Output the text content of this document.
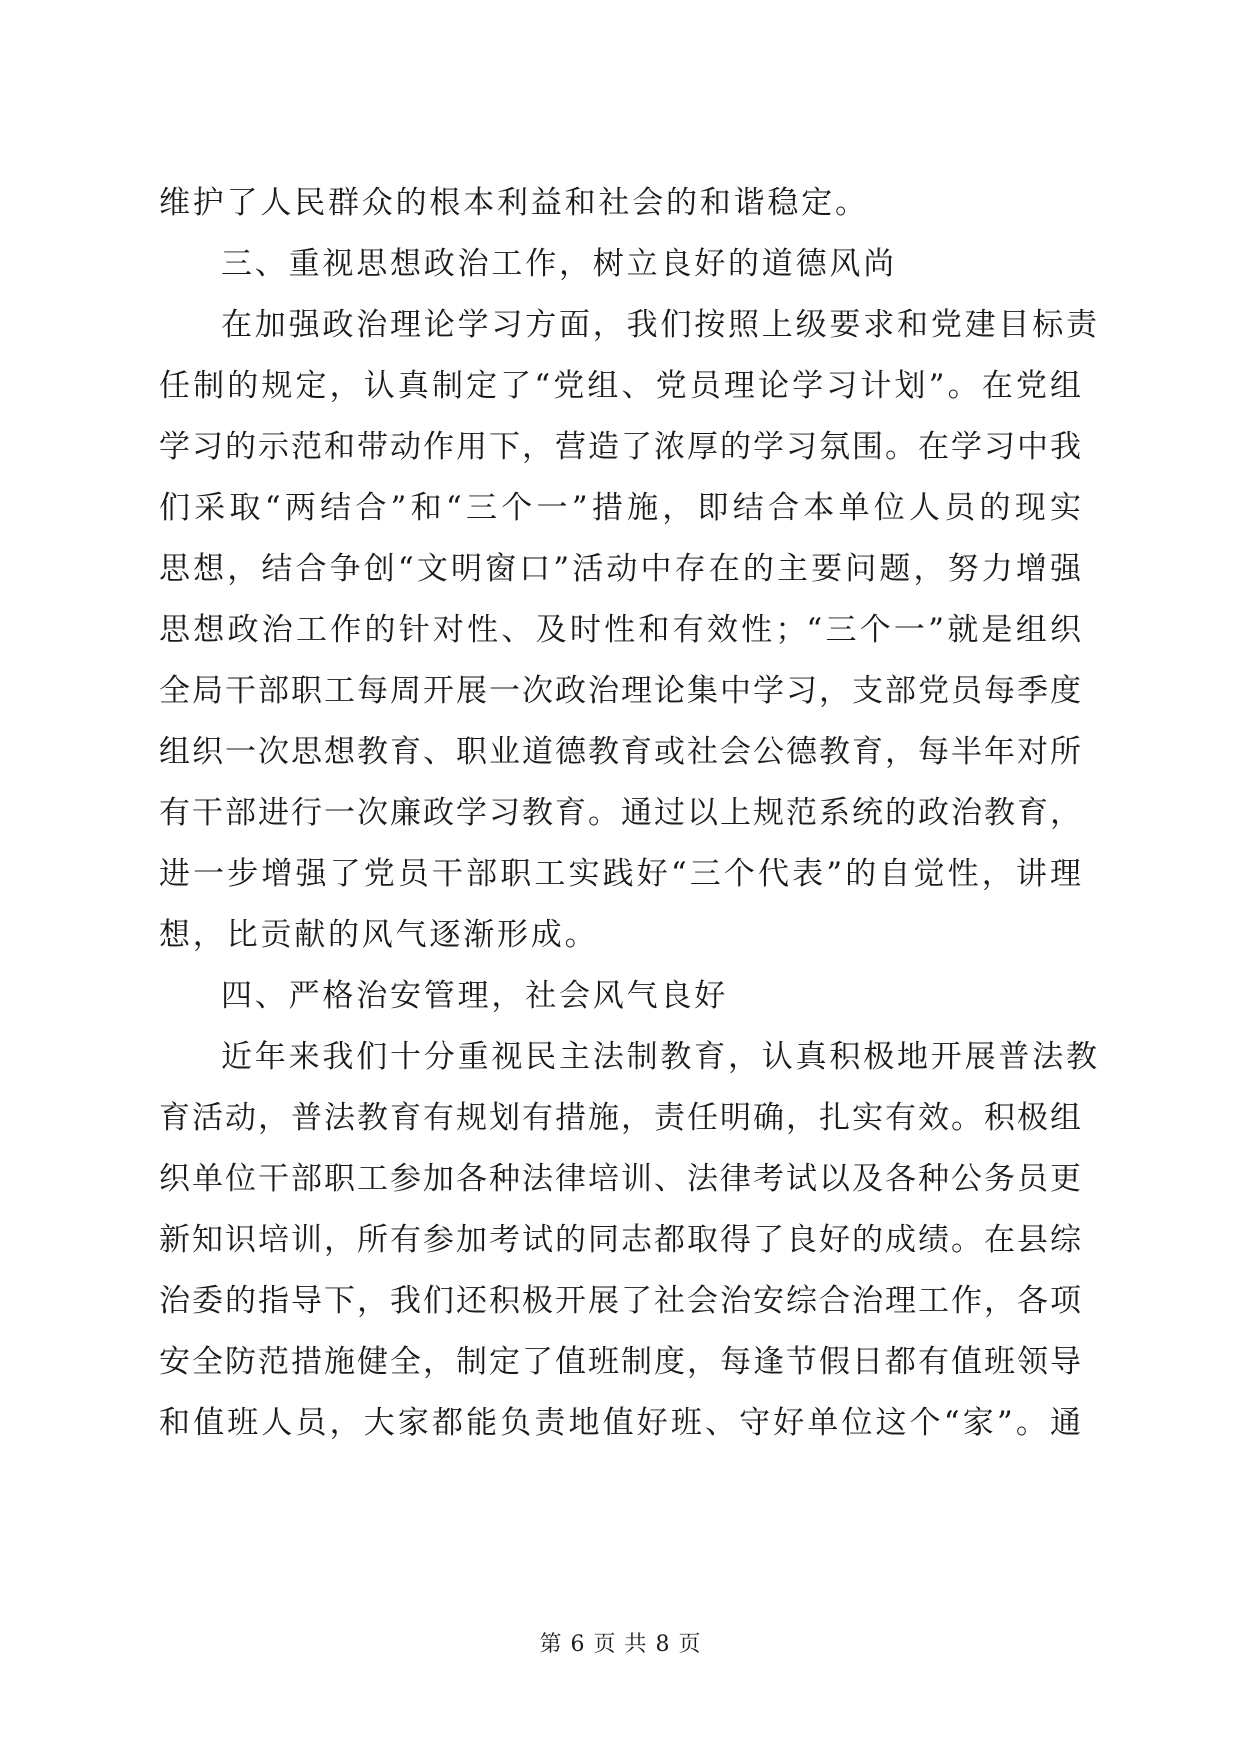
维护了人民群众的根本利益和社会的和谐稳定。
三、重视思想政治工作，树立良好的道德风尚
在加强政治理论学习方面，我们按照上级要求和党建目标责
任制的规定，认真制定了“党组、党员理论学习计划”。在党组
学习的示范和带动作用下，营造了浓厚的学习氛围。在学习中我
们采取“两结合”和“三个一”措施，即结合本单位人员的现实
思想，结合争创“文明窗口”活动中存在的主要问题，努力增强
思想政治工作的针对性、及时性和有效性；“三个一”就是组织
全局干部职工每周开展一次政治理论集中学习，支部党员每季度
组织一次思想教育、职业道德教育或社会公德教育，每半年对所
有干部进行一次廉政学习教育。通过以上规范系统的政治教育，
进一步增强了党员干部职工实践好“三个代表”的自觉性，讲理
想，比贡献的风气逐渐形成。
四、严格治安管理，社会风气良好
近年来我们十分重视民主法制教育，认真积极地开展普法教
育活动，普法教育有规划有措施，责任明确，扎实有效。积极组
织单位干部职工参加各种法律培训、法律考试以及各种公务员更
新知识培训，所有参加考试的同志都取得了良好的成绩。在县综
治委的指导下，我们还积极开展了社会治安综合治理工作，各项
安全防范措施健全，制定了值班制度，每逢节假日都有值班领导
和值班人员，大家都能负责地值好班、守好单位这个“家”。通
第 6 页 共 8 页
